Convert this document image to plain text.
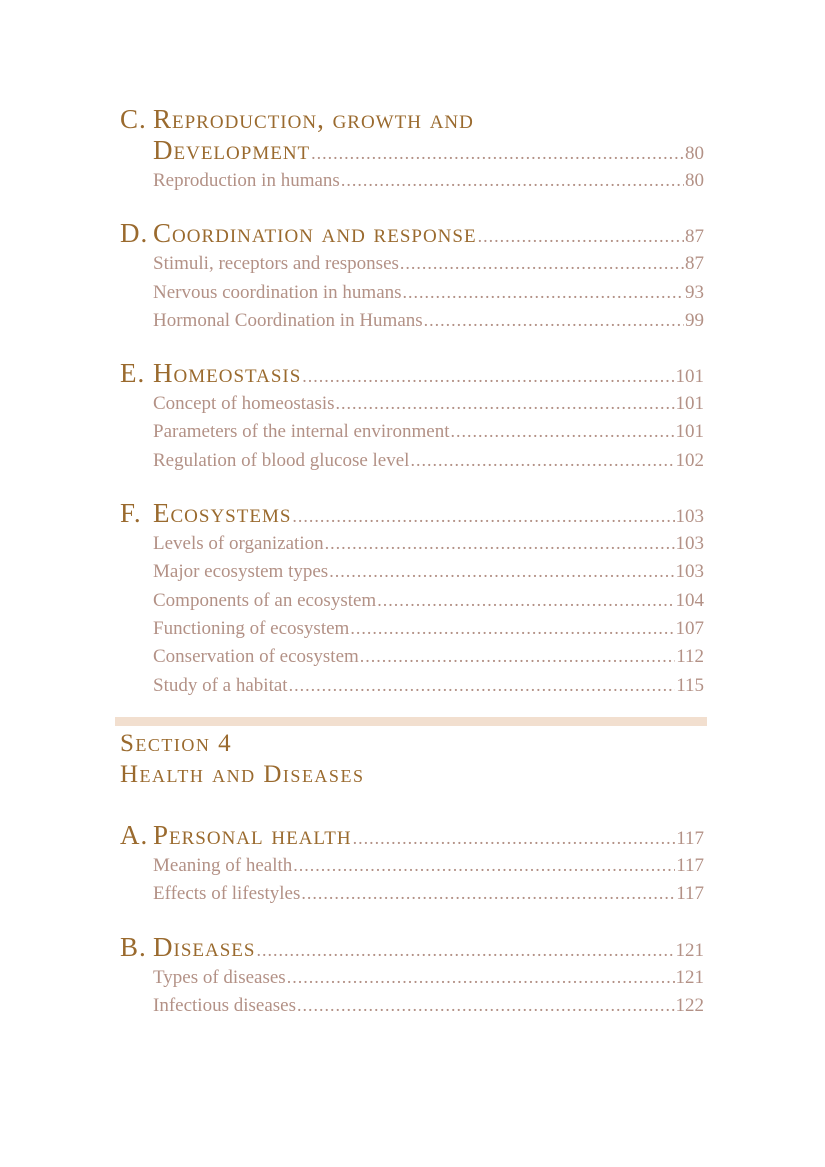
C. Reproduction, growth and
Development .....	80
Reproduction in humans .....	80
D. Coordination and response .....	87
Stimuli, receptors and responses .....	87
Nervous coordination in humans .....	93
Hormonal Coordination in Humans .....	99
E. Homeostasis .....	101
Concept of homeostasis .....	101
Parameters of the internal environment .....	101
Regulation of blood glucose level .....	102
F. Ecosystems .....	103
Levels of organization .....	103
Major ecosystem types .....	103
Components of an ecosystem .....	104
Functioning of ecosystem .....	107
Conservation of ecosystem .....	112
Study of a habitat .....	115
A. Personal health .....	117
Meaning of health .....	117
Effects of lifestyles .....	117
B. Diseases .....	121
Types of diseases .....	121
Infectious diseases .....	122
Section 4
Health and Diseases
